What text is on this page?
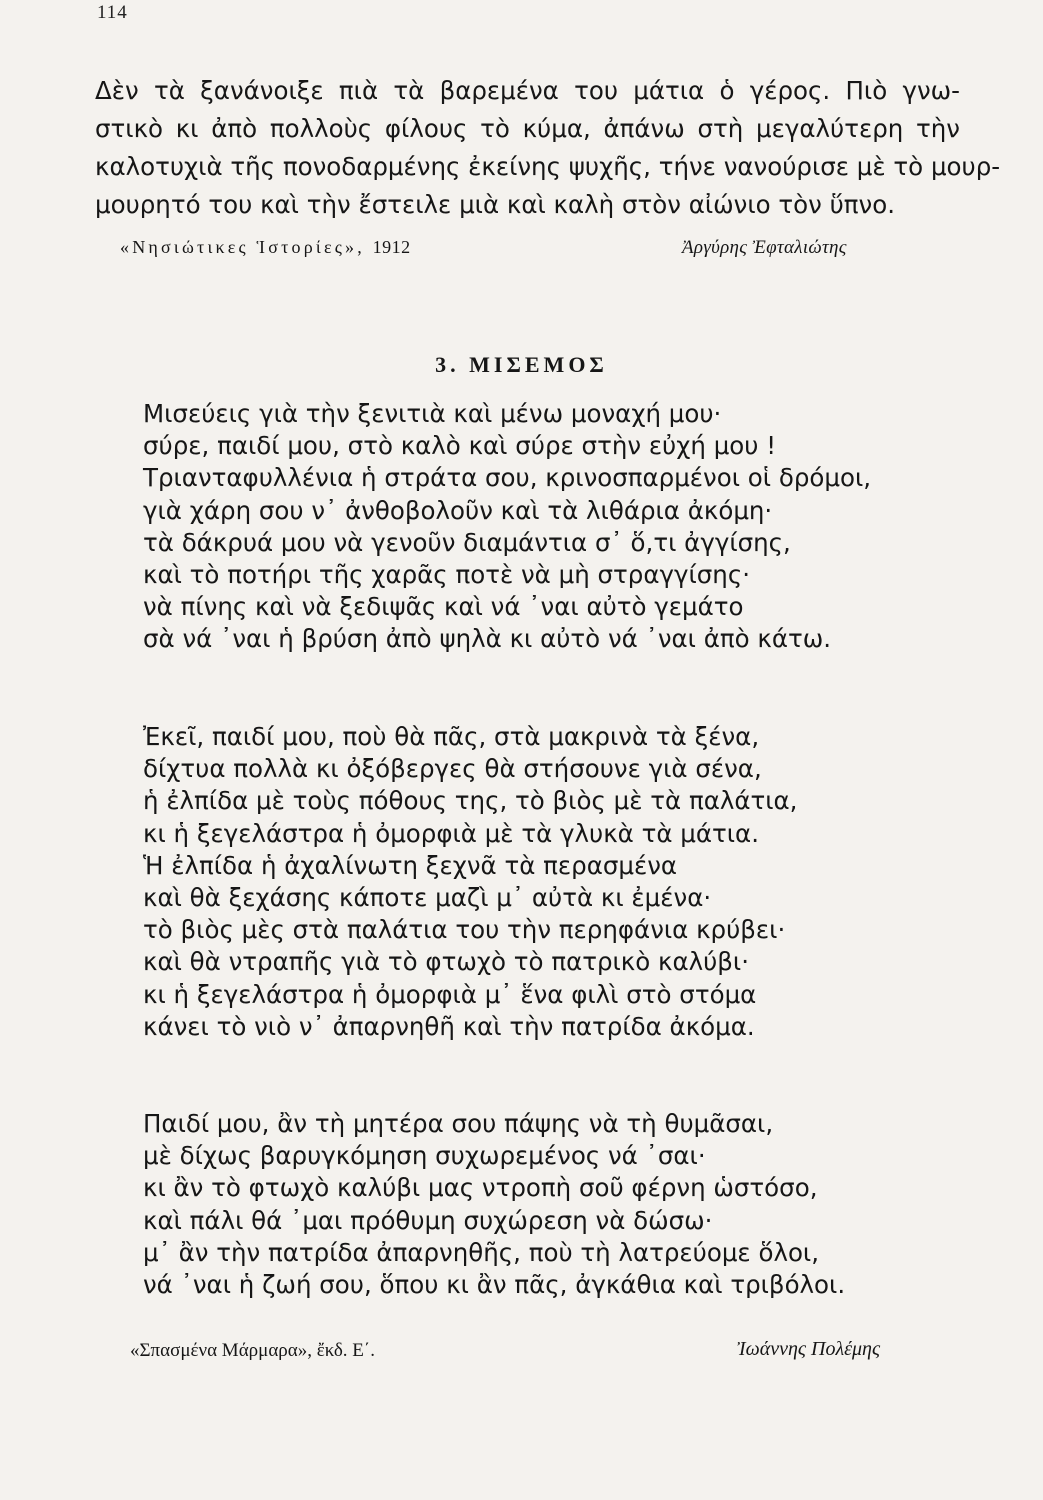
114
Δὲν τὰ ξανάνοιξε πιὰ τὰ βαρεμένα του μάτια ὁ γέρος. Πιὸ γνω-
στικὸ κι ἀπὸ πολλοὺς φίλους τὸ κύμα, ἀπάνω στὴ μεγαλύτερη τὴν
καλοτυχιὰ τῆς πονοδαρμένης ἐκείνης ψυχῆς, τήνε νανούρισε μὲ τὸ μουρ-
μουρητό του καὶ τὴν ἔστειλε μιὰ καὶ καλὴ στὸν αἰώνιο τὸν ὕπνο.
«Νησιώτικες Ἱστορίες», 1912	Ἀργύρης Ἐφταλιώτης
3. ΜΙΣΕΜΟΣ
Μισεύεις γιὰ τὴν ξενιτιὰ καὶ μένω μοναχή μου·
σύρε, παιδί μου, στὸ καλὸ καὶ σύρε στὴν εὐχή μου !
Τριανταφυλλένια ἡ στράτα σου, κρινοσπαρμένοι οἱ δρόμοι,
γιὰ χάρη σου ν᾽ ἀνθοβολοῦν καὶ τὰ λιθάρια ἀκόμη·
τὰ δάκρυά μου νὰ γενοῦν διαμάντια σ᾽ ὅ,τι ἀγγίσης,
καὶ τὸ ποτήρι τῆς χαρᾶς ποτὲ νὰ μὴ στραγγίσης·
νὰ πίνης καὶ νὰ ξεδιψᾶς καὶ νά ᾽ναι αὐτὸ γεμάτο
σὰ νά ᾽ναι ἡ βρύση ἀπὸ ψηλὰ κι αὐτὸ νά ᾽ναι ἀπὸ κάτω.
Ἐκεῖ, παιδί μου, ποὺ θὰ πᾶς, στὰ μακρινὰ τὰ ξένα,
δίχτυα πολλὰ κι ὀξόβεργες θὰ στήσουνε γιὰ σένα,
ἡ ἐλπίδα μὲ τοὺς πόθους της, τὸ βιὸς μὲ τὰ παλάτια,
κι ἡ ξεγελάστρα ἡ ὀμορφιὰ μὲ τὰ γλυκὰ τὰ μάτια.
Ἡ ἐλπίδα ἡ ἀχαλίνωτη ξεχνᾶ τὰ περασμένα
καὶ θὰ ξεχάσης κάποτε μαζὶ μ᾽ αὐτὰ κι ἐμένα·
τὸ βιὸς μὲς στὰ παλάτια του τὴν περηφάνια κρύβει·
καὶ θὰ ντραπῆς γιὰ τὸ φτωχὸ τὸ πατρικὸ καλύβι·
κι ἡ ξεγελάστρα ἡ ὀμορφιὰ μ᾽ ἕνα φιλὶ στὸ στόμα
κάνει τὸ νιὸ ν᾽ ἀπαρνηθῆ καὶ τὴν πατρίδα ἀκόμα.
Παιδί μου, ἂν τὴ μητέρα σου πάψης νὰ τὴ θυμᾶσαι,
μὲ δίχως βαρυγκόμηση συχωρεμένος νά ᾽σαι·
κι ἂν τὸ φτωχὸ καλύβι μας ντροπὴ σοῦ φέρνη ὡστόσο,
καὶ πάλι θά ᾽μαι πρόθυμη συχώρεση νὰ δώσω·
μ᾽ ἂν τὴν πατρίδα ἀπαρνηθῆς, ποὺ τὴ λατρεύομε ὅλοι,
νά ᾽ναι ἡ ζωή σου, ὅπου κι ἂν πᾶς, ἀγκάθια καὶ τριβόλοι.
«Σπασμένα Μάρμαρα», ἔκδ. Ε΄.	Ἰωάννης Πολέμης
